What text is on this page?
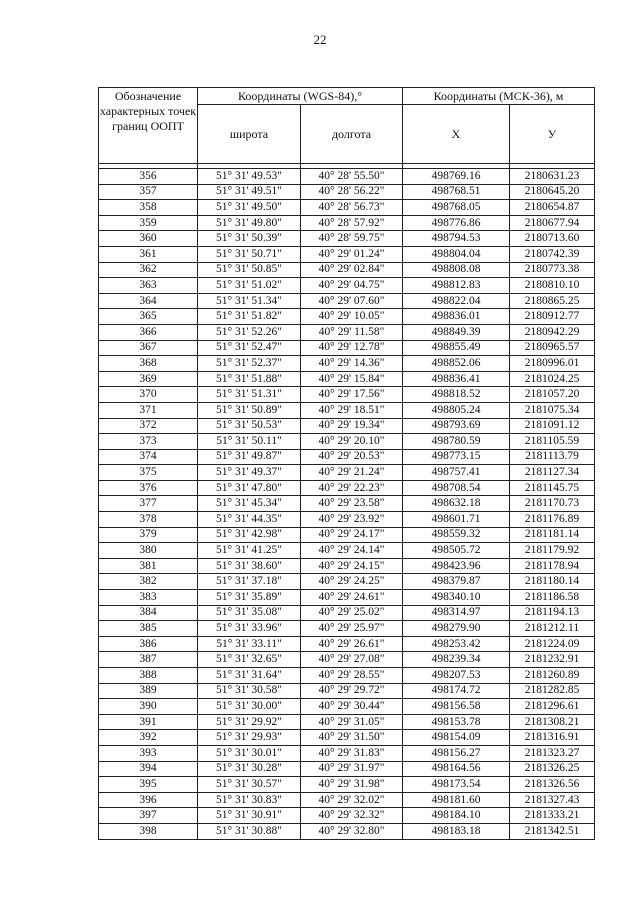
22
Обозначение характерных точек границ ООПТ	Координаты (WGS-84),°		Координаты (МСК-36), м	
	широта	долгота	X	У

356	51° 31' 49.53"	40° 28' 55.50"	498769.16	2180631.23
357	51° 31' 49.51"	40° 28' 56.22"	498768.51	2180645.20
358	51° 31' 49.50"	40° 28' 56.73"	498768.05	2180654.87
359	51° 31' 49.80"	40° 28' 57.92"	498776.86	2180677.94
360	51° 31' 50.39"	40° 28' 59.75"	498794.53	2180713.60
361	51° 31' 50.71"	40° 29' 01.24"	498804.04	2180742.39
362	51° 31' 50.85"	40° 29' 02.84"	498808.08	2180773.38
363	51° 31' 51.02"	40° 29' 04.75"	498812.83	2180810.10
364	51° 31' 51.34"	40° 29' 07.60"	498822.04	2180865.25
365	51° 31' 51.82"	40° 29' 10.05"	498836.01	2180912.77
366	51° 31' 52.26"	40° 29' 11.58"	498849.39	2180942.29
367	51° 31' 52.47"	40° 29' 12.78"	498855.49	2180965.57
368	51° 31' 52.37"	40° 29' 14.36"	498852.06	2180996.01
369	51° 31' 51.88"	40° 29' 15.84"	498836.41	2181024.25
370	51° 31' 51.31"	40° 29' 17.56"	498818.52	2181057.20
371	51° 31' 50.89"	40° 29' 18.51"	498805.24	2181075.34
372	51° 31' 50.53"	40° 29' 19.34"	498793.69	2181091.12
373	51° 31' 50.11"	40° 29' 20.10"	498780.59	2181105.59
374	51° 31' 49.87"	40° 29' 20.53"	498773.15	2181113.79
375	51° 31' 49.37"	40° 29' 21.24"	498757.41	2181127.34
376	51° 31' 47.80"	40° 29' 22.23"	498708.54	2181145.75
377	51° 31' 45.34"	40° 29' 23.58"	498632.18	2181170.73
378	51° 31' 44.35"	40° 29' 23.92"	498601.71	2181176.89
379	51° 31' 42.98"	40° 29' 24.17"	498559.32	2181181.14
380	51° 31' 41.25"	40° 29' 24.14"	498505.72	2181179.92
381	51° 31' 38.60"	40° 29' 24.15"	498423.96	2181178.94
382	51° 31' 37.18"	40° 29' 24.25"	498379.87	2181180.14
383	51° 31' 35.89"	40° 29' 24.61"	498340.10	2181186.58
384	51° 31' 35.08"	40° 29' 25.02"	498314.97	2181194.13
385	51° 31' 33.96"	40° 29' 25.97"	498279.90	2181212.11
386	51° 31' 33.11"	40° 29' 26.61"	498253.42	2181224.09
387	51° 31' 32.65"	40° 29' 27.08"	498239.34	2181232.91
388	51° 31' 31.64"	40° 29' 28.55"	498207.53	2181260.89
389	51° 31' 30.58"	40° 29' 29.72"	498174.72	2181282.85
390	51° 31' 30.00"	40° 29' 30.44"	498156.58	2181296.61
391	51° 31' 29.92"	40° 29' 31.05"	498153.78	2181308.21
392	51° 31' 29.93"	40° 29' 31.50"	498154.09	2181316.91
393	51° 31' 30.01"	40° 29' 31.83"	498156.27	2181323.27
394	51° 31' 30.28"	40° 29' 31.97"	498164.56	2181326.25
395	51° 31' 30.57"	40° 29' 31.98"	498173.54	2181326.56
396	51° 31' 30.83"	40° 29' 32.02"	498181.60	2181327.43
397	51° 31' 30.91"	40° 29' 32.32"	498184.10	2181333.21
398	51° 31' 30.88"	40° 29' 32.80"	498183.18	2181342.51
